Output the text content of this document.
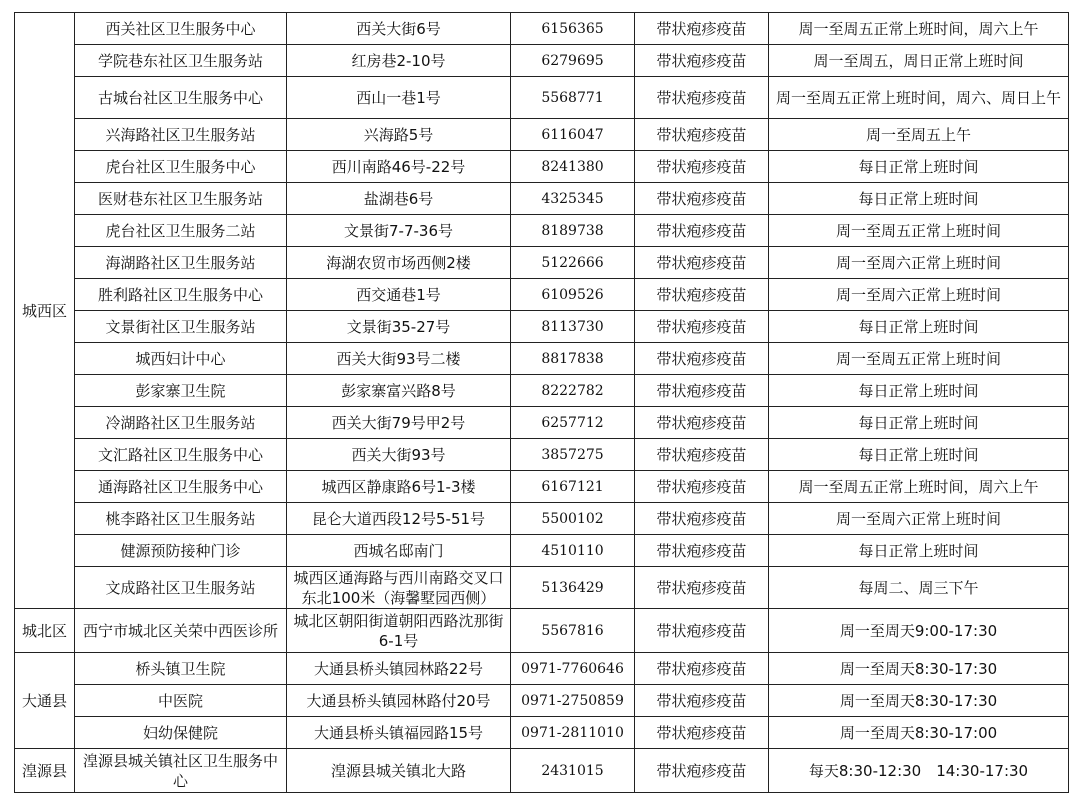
城西区	西关社区卫生服务中心	西关大街6号	6156365	带状疱疹疫苗	周一至周五正常上班时间，周六上午
	学院巷东社区卫生服务站	红房巷2-10号	6279695	带状疱疹疫苗	周一至周五，周日正常上班时间
	古城台社区卫生服务中心	西山一巷1号	5568771	带状疱疹疫苗	周一至周五正常上班时间，周六、周日上午
	兴海路社区卫生服务站	兴海路5号	6116047	带状疱疹疫苗	周一至周五上午
	虎台社区卫生服务中心	西川南路46号-22号	8241380	带状疱疹疫苗	每日正常上班时间
	医财巷东社区卫生服务站	盐湖巷6号	4325345	带状疱疹疫苗	每日正常上班时间
	虎台社区卫生服务二站	文景街7-7-36号	8189738	带状疱疹疫苗	周一至周五正常上班时间
	海湖路社区卫生服务站	海湖农贸市场西侧2楼	5122666	带状疱疹疫苗	周一至周六正常上班时间
	胜利路社区卫生服务中心	西交通巷1号	6109526	带状疱疹疫苗	周一至周六正常上班时间
	文景街社区卫生服务站	文景街35-27号	8113730	带状疱疹疫苗	每日正常上班时间
	城西妇计中心	西关大街93号二楼	8817838	带状疱疹疫苗	周一至周五正常上班时间
	彭家寨卫生院	彭家寨富兴路8号	8222782	带状疱疹疫苗	每日正常上班时间
	冷湖路社区卫生服务站	西关大街79号甲2号	6257712	带状疱疹疫苗	每日正常上班时间
	文汇路社区卫生服务中心	西关大街93号	3857275	带状疱疹疫苗	每日正常上班时间
	通海路社区卫生服务中心	城西区静康路6号1-3楼	6167121	带状疱疹疫苗	周一至周五正常上班时间，周六上午
	桃李路社区卫生服务站	昆仑大道西段12号5-51号	5500102	带状疱疹疫苗	周一至周六正常上班时间
	健源预防接种门诊	西城名邸南门	4510110	带状疱疹疫苗	每日正常上班时间
	文成路社区卫生服务站	城西区通海路与西川南路交叉口东北100米（海馨墅园西侧）	5136429	带状疱疹疫苗	每周二、周三下午
城北区	西宁市城北区关荣中西医诊所	城北区朝阳街道朝阳西路沈那街6-1号	5567816	带状疱疹疫苗	周一至周天9:00-17:30
大通县	桥头镇卫生院	大通县桥头镇园林路22号	0971-7760646	带状疱疹疫苗	周一至周天8:30-17:30
	中医院	大通县桥头镇园林路付20号	0971-2750859	带状疱疹疫苗	周一至周天8:30-17:30
	妇幼保健院	大通县桥头镇福园路15号	0971-2811010	带状疱疹疫苗	周一至周天8:30-17:00
湟源县	湟源县城关镇社区卫生服务中心	湟源县城关镇北大路	2431015	带状疱疹疫苗	每天8:30-12:30　14:30-17:30
